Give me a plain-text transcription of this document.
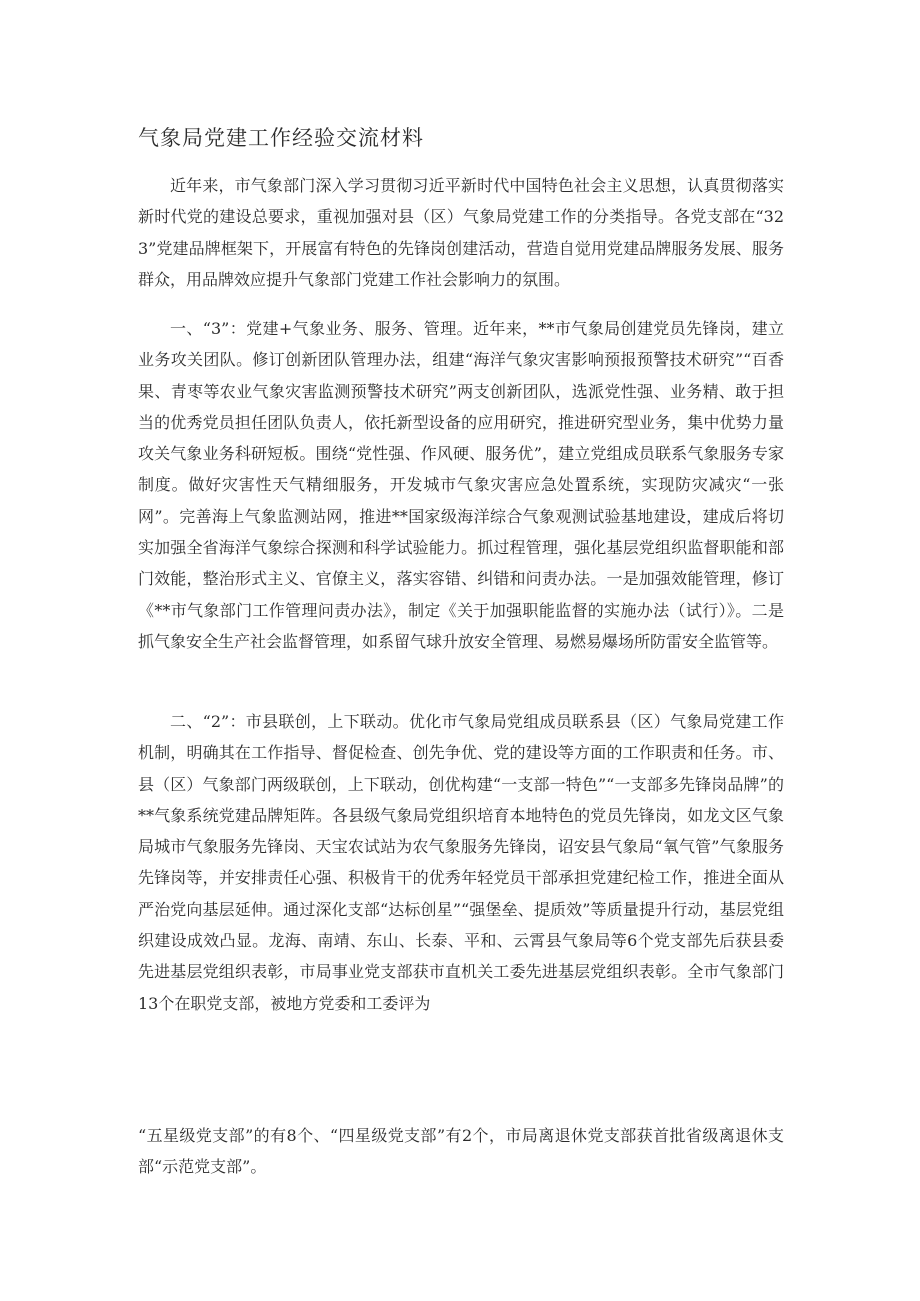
气象局党建工作经验交流材料

近年来，市气象部门深入学习贯彻习近平新时代中国特色社会主义思想，认真贯彻落实新时代党的建设总要求，重视加强对县（区）气象局党建工作的分类指导。各党支部在“323”党建品牌框架下，开展富有特色的先锋岗创建活动，营造自觉用党建品牌服务发展、服务群众，用品牌效应提升气象部门党建工作社会影响力的氛围。

一、“3”：党建+气象业务、服务、管理。近年来，**市气象局创建党员先锋岗，建立业务攻关团队。修订创新团队管理办法，组建“海洋气象灾害影响预报预警技术研究”“百香果、青枣等农业气象灾害监测预警技术研究”两支创新团队，选派党性强、业务精、敢于担当的优秀党员担任团队负责人，依托新型设备的应用研究，推进研究型业务，集中优势力量攻关气象业务科研短板。围绕“党性强、作风硬、服务优”，建立党组成员联系气象服务专家制度。做好灾害性天气精细服务，开发城市气象灾害应急处置系统，实现防灾减灾“一张网”。完善海上气象监测站网，推进**国家级海洋综合气象观测试验基地建设，建成后将切实加强全省海洋气象综合探测和科学试验能力。抓过程管理，强化基层党组织监督职能和部门效能，整治形式主义、官僚主义，落实容错、纠错和问责办法。一是加强效能管理，修订《**市气象部门工作管理问责办法》，制定《关于加强职能监督的实施办法（试行）》。二是抓气象安全生产社会监督管理，如系留气球升放安全管理、易燃易爆场所防雷安全监管等。

二、“2”：市县联创，上下联动。优化市气象局党组成员联系县（区）气象局党建工作机制，明确其在工作指导、督促检查、创先争优、党的建设等方面的工作职责和任务。市、县（区）气象部门两级联创，上下联动，创优构建“一支部一特色”“一支部多先锋岗品牌”的**气象系统党建品牌矩阵。各县级气象局党组织培育本地特色的党员先锋岗，如龙文区气象局城市气象服务先锋岗、天宝农试站为农气象服务先锋岗，诏安县气象局“氧气管”气象服务先锋岗等，并安排责任心强、积极肯干的优秀年轻党员干部承担党建纪检工作，推进全面从严治党向基层延伸。通过深化支部“达标创星”“强堡垒、提质效”等质量提升行动，基层党组织建设成效凸显。龙海、南靖、东山、长泰、平和、云霄县气象局等6个党支部先后获县委先进基层党组织表彰，市局事业党支部获市直机关工委先进基层党组织表彰。全市气象部门13个在职党支部，被地方党委和工委评为

“五星级党支部”的有8个、“四星级党支部”有2个，市局离退休党支部获首批省级离退休支部“示范党支部”。
